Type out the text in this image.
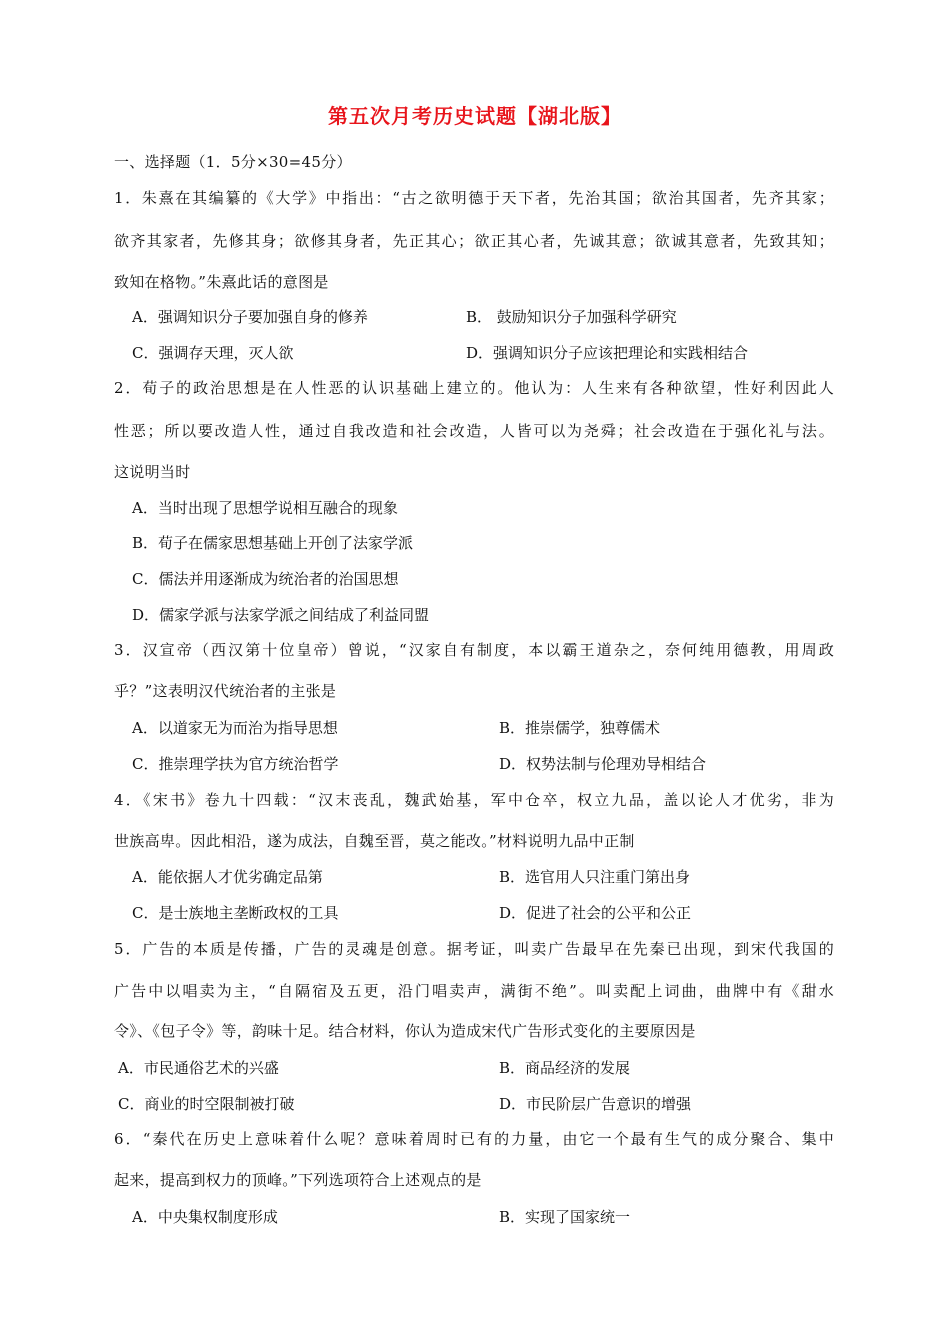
第五次月考历史试题【湖北版】
一、选择题（1．5分×30=45分）
1．朱熹在其编纂的《大学》中指出：“古之欲明德于天下者，先治其国；欲治其国者，先齐其家；
欲齐其家者，先修其身；欲修其身者，先正其心；欲正其心者，先诚其意；欲诚其意者，先致其知；
致知在格物。”朱熹此话的意图是
A．强调知识分子要加强自身的修养	B． 鼓励知识分子加强科学研究
C．强调存天理，灭人欲	D．强调知识分子应该把理论和实践相结合
2．荀子的政治思想是在人性恶的认识基础上建立的。他认为：人生来有各种欲望，性好利因此人
性恶；所以要改造人性，通过自我改造和社会改造，人皆可以为尧舜；社会改造在于强化礼与法。
这说明当时
A．当时出现了思想学说相互融合的现象
B．荀子在儒家思想基础上开创了法家学派
C．儒法并用逐渐成为统治者的治国思想
D．儒家学派与法家学派之间结成了利益同盟
3．汉宣帝（西汉第十位皇帝）曾说，“汉家自有制度，本以霸王道杂之，奈何纯用德教，用周政
乎？”这表明汉代统治者的主张是
A．以道家无为而治为指导思想	B．推崇儒学，独尊儒术
C．推崇理学扶为官方统治哲学	D．权势法制与伦理劝导相结合
4．《宋书》卷九十四载：“汉末丧乱，魏武始基，军中仓卒，权立九品，盖以论人才优劣，非为
世族高卑。因此相沿，遂为成法，自魏至晋，莫之能改。”材料说明九品中正制
A．能依据人才优劣确定品第	B．选官用人只注重门第出身
C．是士族地主垄断政权的工具	D．促进了社会的公平和公正
5．广告的本质是传播，广告的灵魂是创意。据考证，叫卖广告最早在先秦已出现，到宋代我国的
广告中以唱卖为主，“自隔宿及五更，沿门唱卖声，满街不绝”。叫卖配上词曲，曲牌中有《甜水
令》、《包子令》等，韵味十足。结合材料，你认为造成宋代广告形式变化的主要原因是
A．市民通俗艺术的兴盛	B．商品经济的发展
C．商业的时空限制被打破	D．市民阶层广告意识的增强
6．“秦代在历史上意味着什么呢？意味着周时已有的力量，由它一个最有生气的成分聚合、集中
起来，提高到权力的顶峰。”下列选项符合上述观点的是
A．中央集权制度形成	B．实现了国家统一
